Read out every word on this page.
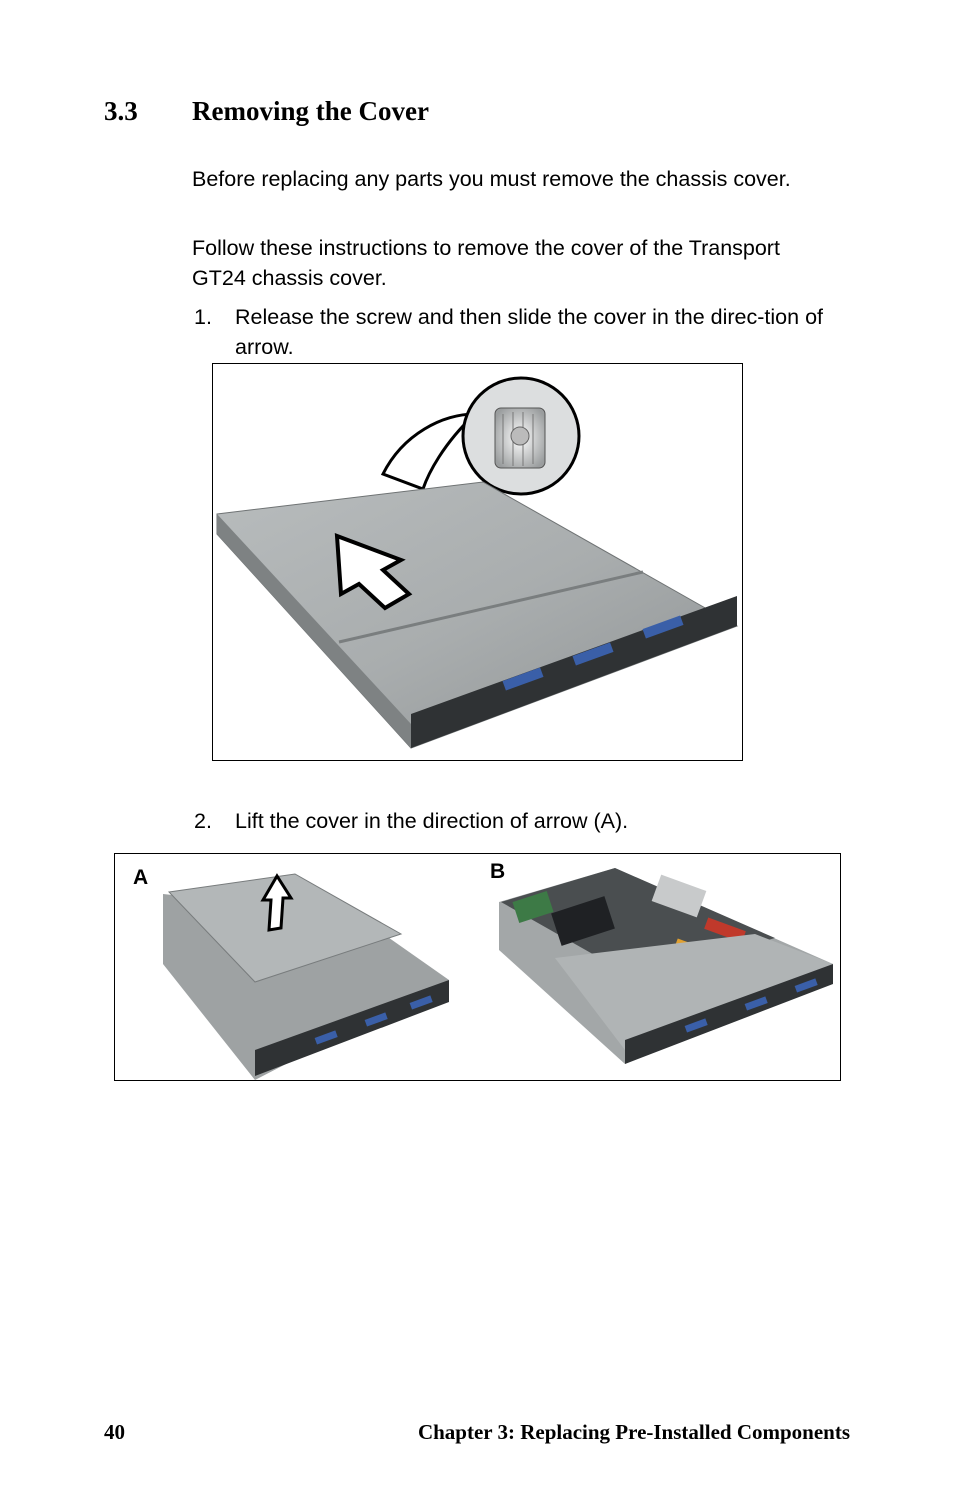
3.3 Removing the Cover
Before replacing any parts you must remove the chassis cover.
Follow these instructions to remove the cover of the Transport GT24 chassis cover.
1. Release the screw and then slide the cover in the direc-tion of arrow.
2. Lift the cover in the direction of arrow (A).
A	B
40	Chapter 3: Replacing Pre-Installed Components
